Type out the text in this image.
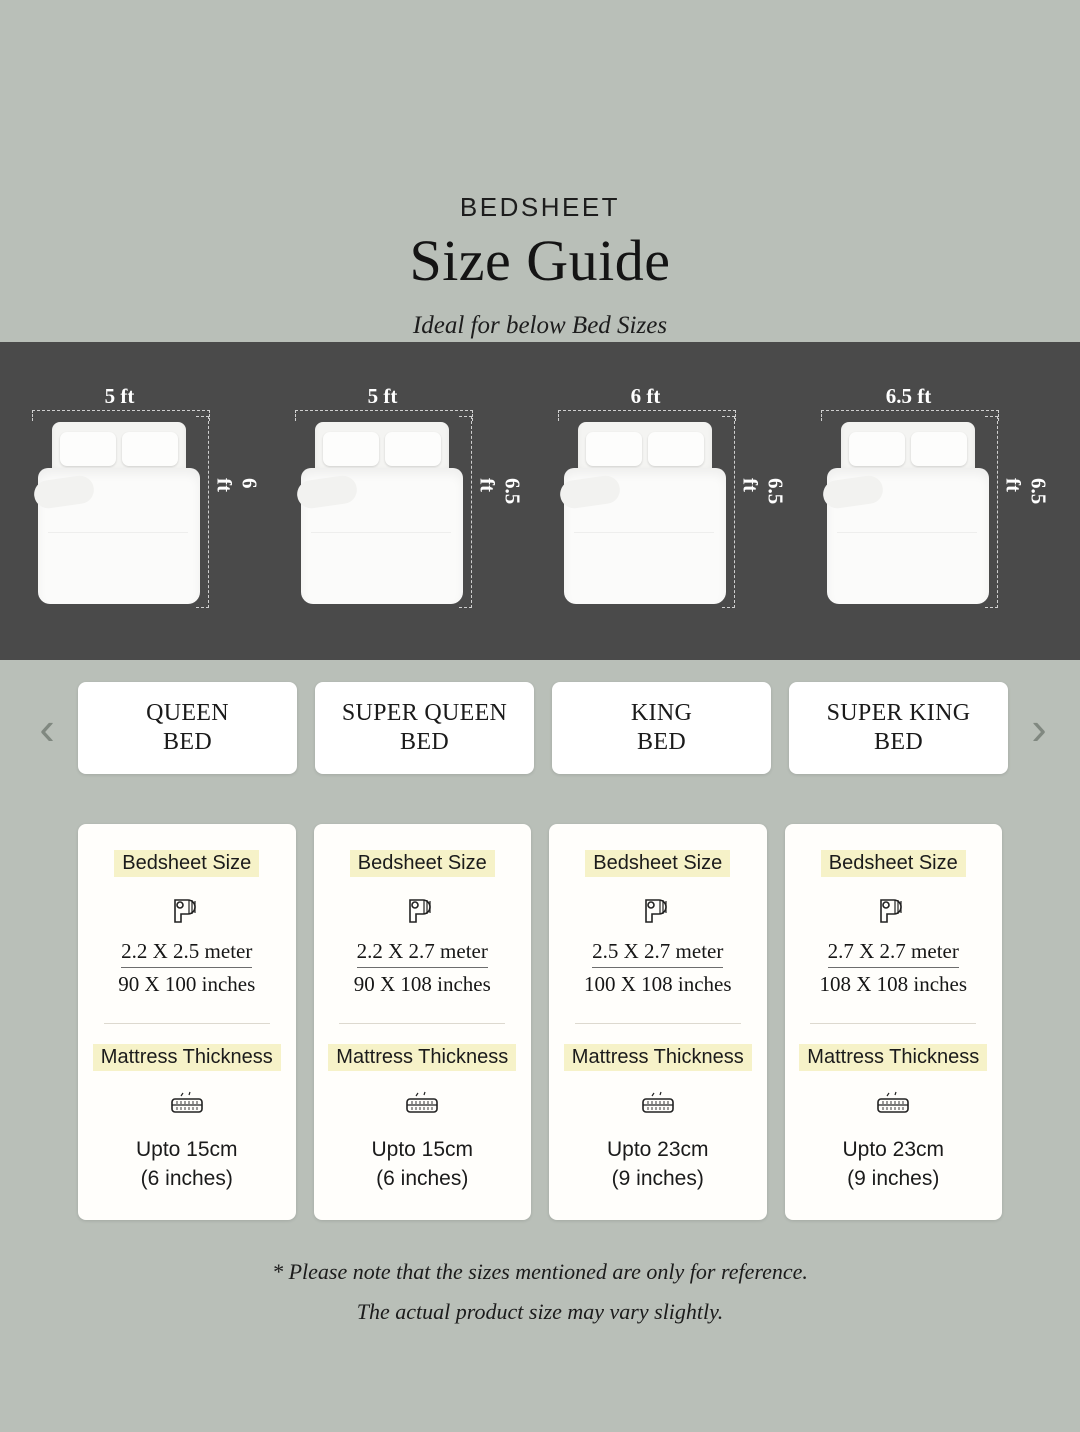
BEDSHEET
Size Guide
Ideal for below Bed Sizes
5 ft
6 ft
5 ft
6.5 ft
6 ft
6.5 ft
6.5 ft
6.5 ft
‹	QUEEN
BED
SUPER QUEEN
BED
KING
BED
SUPER KING
BED	›
Bedsheet Size
2.2 X 2.5 meter
90 X 100 inches
Mattress Thickness
Upto 15cm
(6 inches)
Bedsheet Size
2.2 X 2.7 meter
90 X 108 inches
Mattress Thickness
Upto 15cm
(6 inches)
Bedsheet Size
2.5 X 2.7 meter
100 X 108 inches
Mattress Thickness
Upto 23cm
(9 inches)
Bedsheet Size
2.7 X 2.7 meter
108 X 108 inches
Mattress Thickness
Upto 23cm
(9 inches)
* Please note that the sizes mentioned are only for reference.
The actual product size may vary slightly.
